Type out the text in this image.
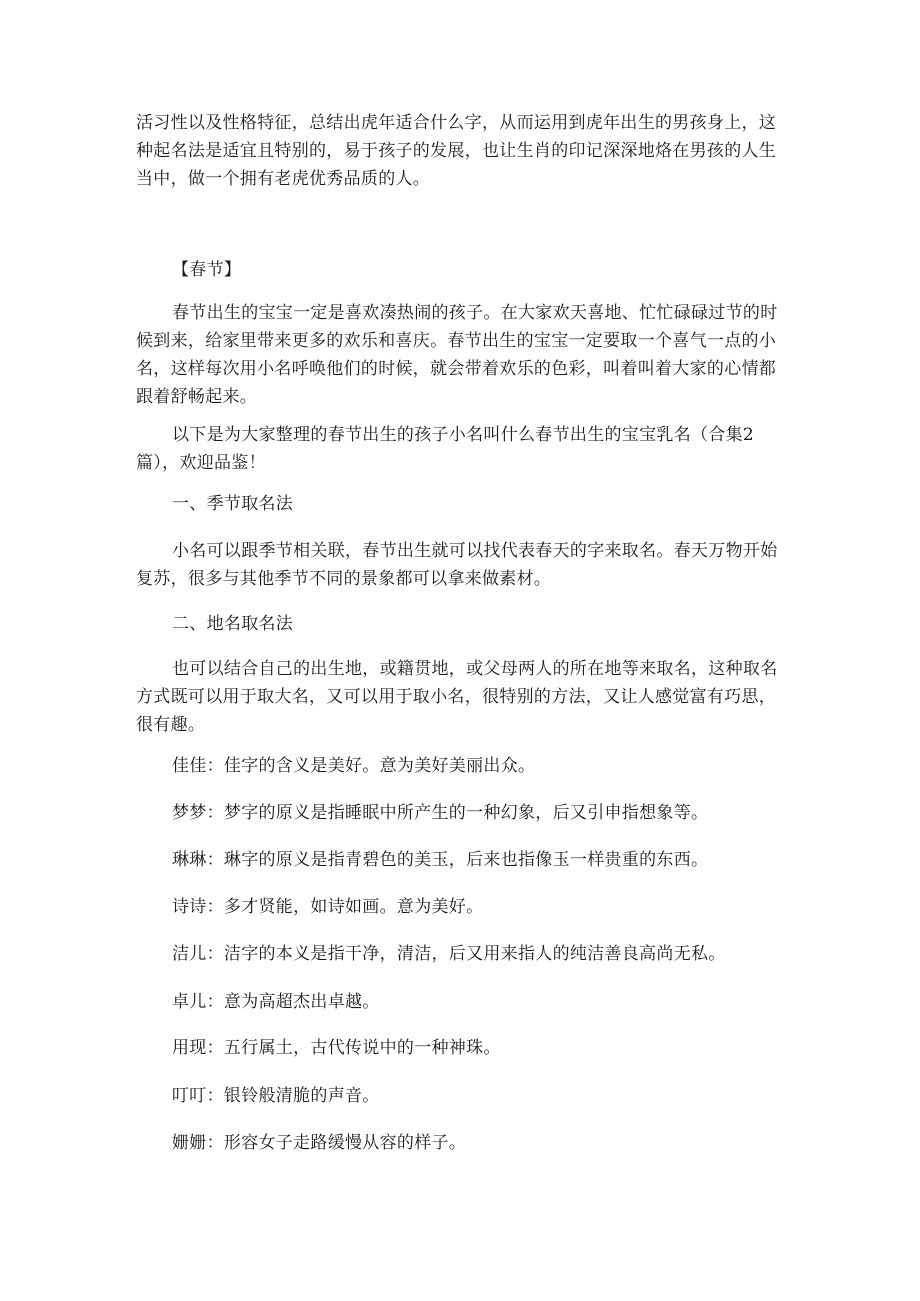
活习性以及性格特征，总结出虎年适合什么字，从而运用到虎年出生的男孩身上，这种起名法是适宜且特别的，易于孩子的发展，也让生肖的印记深深地烙在男孩的人生当中，做一个拥有老虎优秀品质的人。

【春节】

春节出生的宝宝一定是喜欢凑热闹的孩子。在大家欢天喜地、忙忙碌碌过节的时候到来，给家里带来更多的欢乐和喜庆。春节出生的宝宝一定要取一个喜气一点的小名，这样每次用小名呼唤他们的时候，就会带着欢乐的色彩，叫着叫着大家的心情都跟着舒畅起来。

以下是为大家整理的春节出生的孩子小名叫什么春节出生的宝宝乳名（合集2篇），欢迎品鉴！

一、季节取名法

小名可以跟季节相关联，春节出生就可以找代表春天的字来取名。春天万物开始复苏，很多与其他季节不同的景象都可以拿来做素材。

二、地名取名法

也可以结合自己的出生地，或籍贯地，或父母两人的所在地等来取名，这种取名方式既可以用于取大名，又可以用于取小名，很特别的方法，又让人感觉富有巧思，很有趣。

佳佳：佳字的含义是美好。意为美好美丽出众。

梦梦：梦字的原义是指睡眠中所产生的一种幻象，后又引申指想象等。

琳琳：琳字的原义是指青碧色的美玉，后来也指像玉一样贵重的东西。

诗诗：多才贤能，如诗如画。意为美好。

洁儿：洁字的本义是指干净，清洁，后又用来指人的纯洁善良高尚无私。

卓儿：意为高超杰出卓越。

用现：五行属土，古代传说中的一种神珠。

叮叮：银铃般清脆的声音。

姗姗：形容女子走路缓慢从容的样子。
